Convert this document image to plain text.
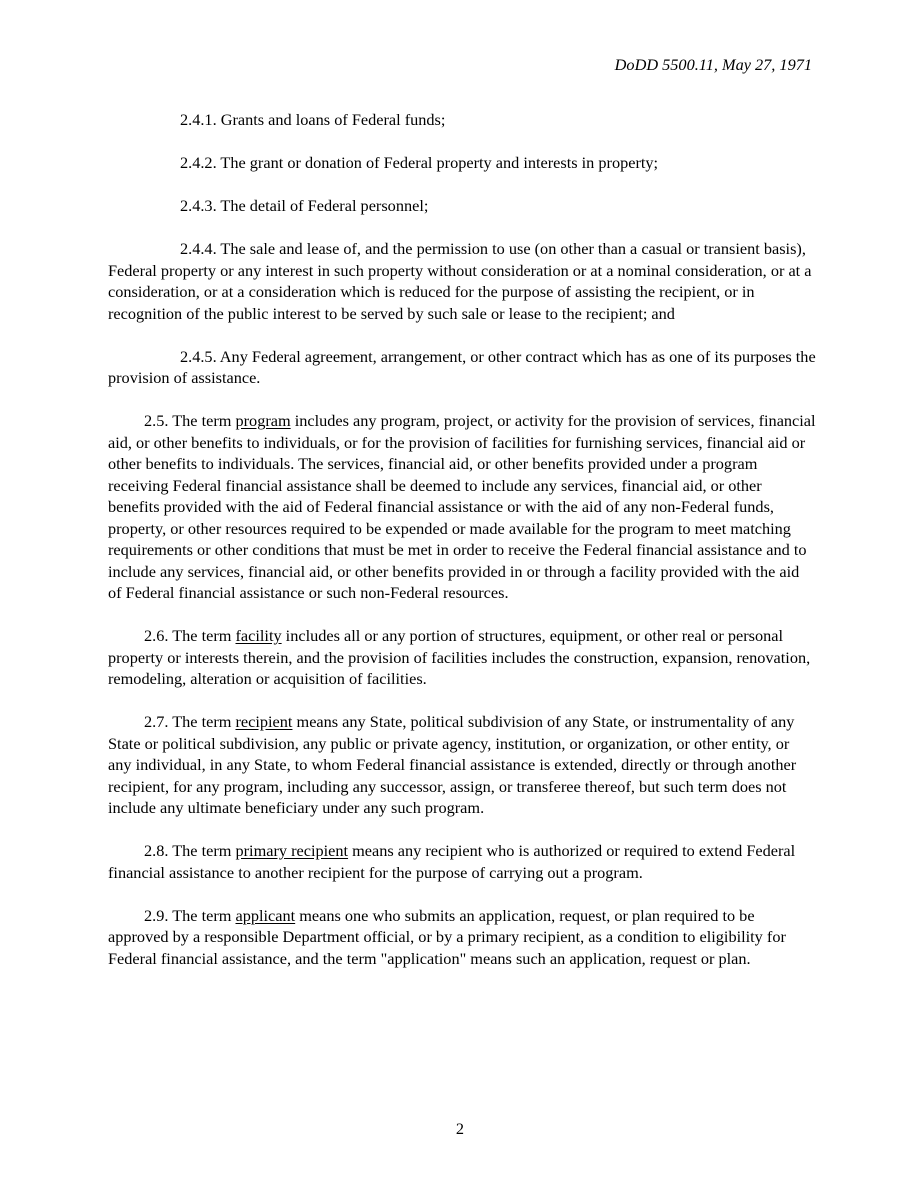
DoDD 5500.11, May 27, 1971

2.4.1. Grants and loans of Federal funds;

2.4.2. The grant or donation of Federal property and interests in property;

2.4.3. The detail of Federal personnel;

2.4.4. The sale and lease of, and the permission to use (on other than a casual or transient basis), Federal property or any interest in such property without consideration or at a nominal consideration, or at a consideration, or at a consideration which is reduced for the purpose of assisting the recipient, or in recognition of the public interest to be served by such sale or lease to the recipient; and

2.4.5. Any Federal agreement, arrangement, or other contract which has as one of its purposes the provision of assistance.

2.5. The term program includes any program, project, or activity for the provision of services, financial aid, or other benefits to individuals, or for the provision of facilities for furnishing services, financial aid or other benefits to individuals. The services, financial aid, or other benefits provided under a program receiving Federal financial assistance shall be deemed to include any services, financial aid, or other benefits provided with the aid of Federal financial assistance or with the aid of any non-Federal funds, property, or other resources required to be expended or made available for the program to meet matching requirements or other conditions that must be met in order to receive the Federal financial assistance and to include any services, financial aid, or other benefits provided in or through a facility provided with the aid of Federal financial assistance or such non-Federal resources.

2.6. The term facility includes all or any portion of structures, equipment, or other real or personal property or interests therein, and the provision of facilities includes the construction, expansion, renovation, remodeling, alteration or acquisition of facilities.

2.7. The term recipient means any State, political subdivision of any State, or instrumentality of any State or political subdivision, any public or private agency, institution, or organization, or other entity, or any individual, in any State, to whom Federal financial assistance is extended, directly or through another recipient, for any program, including any successor, assign, or transferee thereof, but such term does not include any ultimate beneficiary under any such program.

2.8. The term primary recipient means any recipient who is authorized or required to extend Federal financial assistance to another recipient for the purpose of carrying out a program.

2.9. The term applicant means one who submits an application, request, or plan required to be approved by a responsible Department official, or by a primary recipient, as a condition to eligibility for Federal financial assistance, and the term "application" means such an application, request or plan.

2
